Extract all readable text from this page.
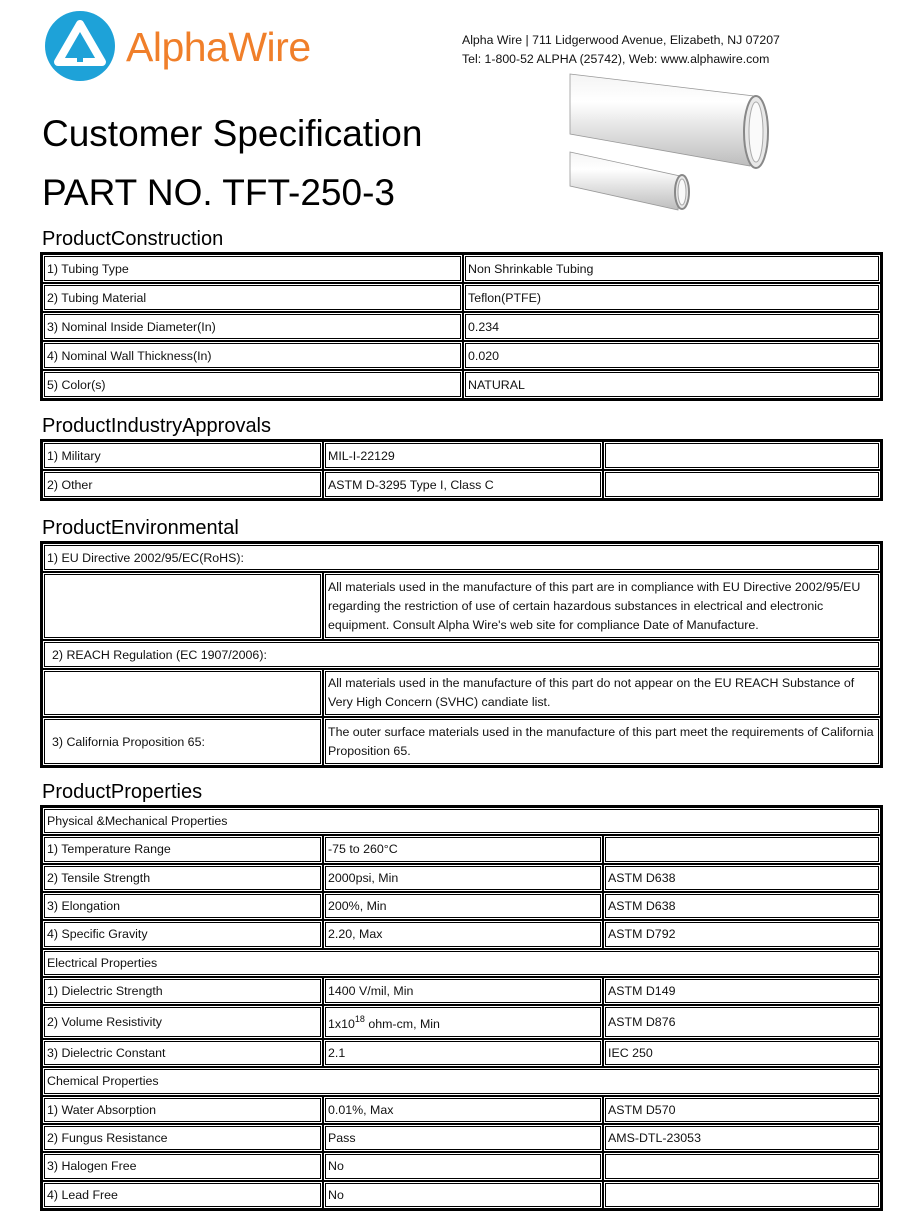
AlphaWire	Alpha Wire | 711 Lidgerwood Avenue, Elizabeth, NJ 07207
Tel: 1-800-52 ALPHA (25742), Web: www.alphawire.com
Customer Specification
PART NO. TFT-250-3
ProductConstruction
1) Tubing Type	Non Shrinkable Tubing
2) Tubing Material	Teflon(PTFE)
3) Nominal Inside Diameter(In)	0.234
4) Nominal Wall Thickness(In)	0.020
5) Color(s)	NATURAL
ProductIndustryApprovals
1) Military	MIL-I-22129	
2) Other	ASTM D-3295 Type I, Class C	
ProductEnvironmental
1) EU Directive 2002/95/EC(RoHS):	
	All materials used in the manufacture of this part are in compliance with EU Directive 2002/95/EU regarding the restriction of use of certain hazardous substances in electrical and electronic equipment. Consult Alpha Wire's web site for compliance Date of Manufacture.
2) REACH Regulation (EC 1907/2006):	
	All materials used in the manufacture of this part do not appear on the EU REACH Substance of Very High Concern (SVHC) candiate list.
3) California Proposition 65:	The outer surface materials used in the manufacture of this part meet the requirements of California Proposition 65.
ProductProperties
Physical &Mechanical Properties		
1) Temperature Range	-75 to 260°C	
2) Tensile Strength	2000psi, Min	ASTM D638
3) Elongation	200%, Min	ASTM D638
4) Specific Gravity	2.20, Max	ASTM D792
Electrical Properties		
1) Dielectric Strength	1400 V/mil, Min	ASTM D149
2) Volume Resistivity	$1x10^{18}$ ohm-cm, Min	ASTM D876
3) Dielectric Constant	2.1	IEC 250
Chemical Properties		
1) Water Absorption	0.01%, Max	ASTM D570
2) Fungus Resistance	Pass	AMS-DTL-23053
3) Halogen Free	No	
4) Lead Free	No	
